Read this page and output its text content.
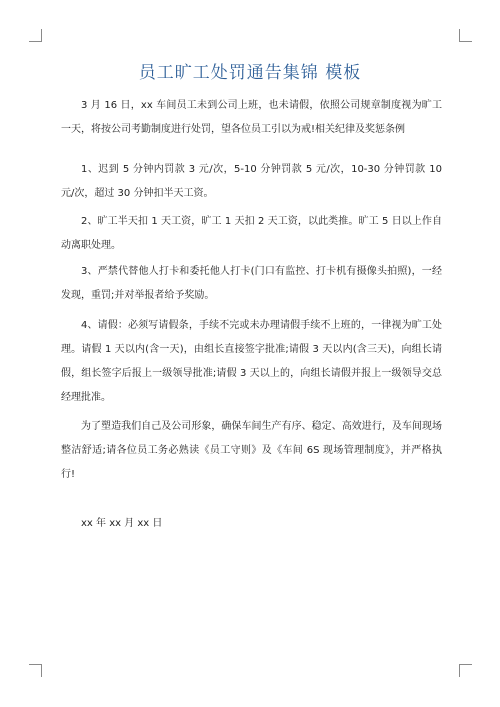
员工旷工处罚通告集锦 模板

3 月 16 日，xx 车间员工未到公司上班，也未请假，依照公司规章制度视为旷工一天，将按公司考勤制度进行处罚，望各位员工引以为戒!相关纪律及奖惩条例

1、迟到 5 分钟内罚款 3 元/次，5-10 分钟罚款 5 元/次，10-30 分钟罚款 10 元/次，超过 30 分钟扣半天工资。

2、旷工半天扣 1 天工资，旷工 1 天扣 2 天工资，以此类推。旷工 5 日以上作自动离职处理。

3、严禁代替他人打卡和委托他人打卡(门口有监控、打卡机有摄像头拍照)，一经发现，重罚;并对举报者给予奖励。

4、请假：必须写请假条，手续不完或未办理请假手续不上班的，一律视为旷工处理。请假 1 天以内(含一天)，由组长直接签字批准;请假 3 天以内(含三天)，向组长请假，组长签字后报上一级领导批准;请假 3 天以上的，向组长请假并报上一级领导交总经理批准。

为了塑造我们自己及公司形象，确保车间生产有序、稳定、高效进行，及车间现场整洁舒适;请各位员工务必熟读《员工守则》及《车间 6S 现场管理制度》，并严格执行!

xx 年 xx 月 xx 日
